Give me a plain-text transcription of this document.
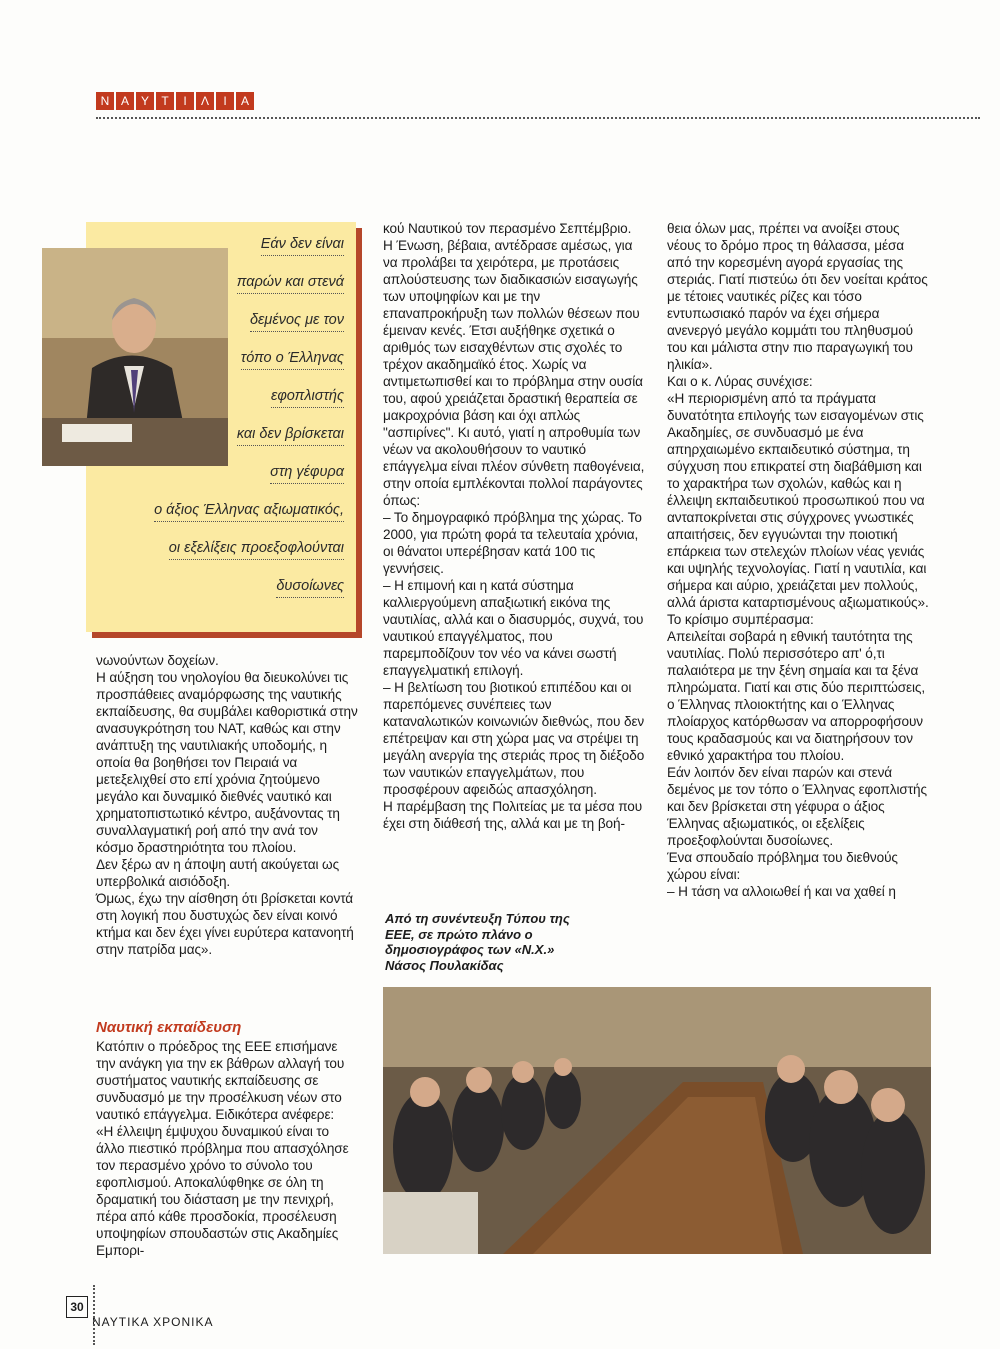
Ν Α Υ	Τ	Ι	Λ	Ι	Α
Εάν δεν είναι
παρών και στενά
δεμένος με τον
τόπο ο Έλληνας
εφοπλιστής
και δεν βρίσκεται
στη γέφυρα
ο άξιος Έλληνας αξιωματικός,
οι εξελίξεις προεξοφλούνται
δυσοίωνες
νωνούντων δοχείων.
Η αύξηση του νηολογίου θα διευκολύνει τις προσπάθειες αναμόρφωσης της ναυτικής εκπαίδευσης, θα συμβάλει καθοριστικά στην ανασυγκρότηση του ΝΑΤ, καθώς και στην ανάπτυξη της ναυτιλιακής υποδομής, η οποία θα βοηθήσει τον Πειραιά να μετεξελιχθεί στο επί χρόνια ζητούμενο μεγάλο και δυναμικό διεθνές ναυτικό και χρηματοπιστωτικό κέντρο, αυξάνοντας τη συναλλαγματική ροή από την ανά τον κόσμο δραστηριότητα του πλοίου.
Δεν ξέρω αν η άποψη αυτή ακούγεται ως υπερβολικά αισιόδοξη.
Όμως, έχω την αίσθηση ότι βρίσκεται κοντά στη λογική που δυστυχώς δεν είναι κοινό κτήμα και δεν έχει γίνει ευρύτερα κατανοητή στην πατρίδα μας».
Ναυτική εκπαίδευση
Κατόπιν ο πρόεδρος της ΕΕΕ επισήμανε την ανάγκη για την εκ βάθρων αλλαγή του συστήματος ναυτικής εκπαίδευσης σε συνδυασμό με την προσέλκυση νέων στο ναυτικό επάγγελμα. Ειδικότερα ανέφερε:
«Η έλλειψη έμψυχου δυναμικού είναι το άλλο πιεστικό πρόβλημα που απασχόλησε τον περασμένο χρόνο το σύνολο του εφοπλισμού. Αποκαλύφθηκε σε όλη τη δραματική του διάσταση με την πενιχρή, πέρα από κάθε προσδοκία, προσέλευση υποψηφίων σπουδαστών στις Ακαδημίες Εμπορι-
κού Ναυτικού τον περασμένο Σεπτέμβριο.
Η Ένωση, βέβαια, αντέδρασε αμέσως, για να προλάβει τα χειρότερα, με προτάσεις απλούστευσης των διαδικασιών εισαγωγής των υποψηφίων και με την επαναπροκήρυξη των πολλών θέσεων που έμειναν κενές. Έτσι αυξήθηκε σχετικά ο αριθμός των εισαχθέντων στις σχολές το τρέχον ακαδημαϊκό έτος. Χωρίς να αντιμετωπισθεί και το πρόβλημα στην ουσία του, αφού χρειάζεται δραστική θεραπεία σε μακροχρόνια βάση και όχι απλώς "ασπιρίνες". Κι αυτό, γιατί η απροθυμία των νέων να ακολουθήσουν το ναυτικό επάγγελμα είναι πλέον σύνθετη παθογένεια, στην οποία εμπλέκονται πολλοί παράγοντες όπως:
– Το δημογραφικό πρόβλημα της χώρας. Το 2000, για πρώτη φορά τα τελευταία χρόνια, οι θάνατοι υπερέβησαν κατά 100 τις γεννήσεις.
– Η επιμονή και η κατά σύστημα καλλιεργούμενη απαξιωτική εικόνα της ναυτιλίας, αλλά και ο διασυρμός, συχνά, του ναυτικού επαγγέλματος, που παρεμποδίζουν τον νέο να κάνει σωστή επαγγελματική επιλογή.
– Η βελτίωση του βιοτικού επιπέδου και οι παρεπόμενες συνέπειες των καταναλωτικών κοινωνιών διεθνώς, που δεν επέτρεψαν και στη χώρα μας να στρέψει τη μεγάλη ανεργία της στεριάς προς τη διέξοδο των ναυτικών επαγγελμάτων, που προσφέρουν αφειδώς απασχόληση.
Η παρέμβαση της Πολιτείας με τα μέσα που έχει στη διάθεσή της, αλλά και με τη βοή-
θεια όλων μας, πρέπει να ανοίξει στους νέους το δρόμο προς τη θάλασσα, μέσα από την κορεσμένη αγορά εργασίας της στεριάς. Γιατί πιστεύω ότι δεν νοείται κράτος με τέτοιες ναυτικές ρίζες και τόσο εντυπωσιακό παρόν να έχει σήμερα ανενεργό μεγάλο κομμάτι του πληθυσμού του και μάλιστα στην πιο παραγωγική του ηλικία».
Και ο κ. Λύρας συνέχισε:
«Η περιορισμένη από τα πράγματα δυνατότητα επιλογής των εισαγομένων στις Ακαδημίες, σε συνδυασμό με ένα απηρχαιωμένο εκπαιδευτικό σύστημα, τη σύγχυση που επικρατεί στη διαβάθμιση και το χαρακτήρα των σχολών, καθώς και η έλλειψη εκπαιδευτικού προσωπικού που να ανταποκρίνεται στις σύγχρονες γνωστικές απαιτήσεις, δεν εγγυώνται την ποιοτική επάρκεια των στελεχών πλοίων νέας γενιάς και υψηλής τεχνολογίας. Γιατί η ναυτιλία, και σήμερα και αύριο, χρειάζεται μεν πολλούς, αλλά άριστα καταρτισμένους αξιωματικούς».
Το κρίσιμο συμπέρασμα:
Απειλείται σοβαρά η εθνική ταυτότητα της ναυτιλίας. Πολύ περισσότερο απ' ό,τι παλαιότερα με την ξένη σημαία και τα ξένα πληρώματα. Γιατί και στις δύο περιπτώσεις, ο Έλληνας πλοιοκτήτης και ο Έλληνας πλοίαρχος κατόρθωσαν να απορροφήσουν τους κραδασμούς και να διατηρήσουν τον εθνικό χαρακτήρα του πλοίου.
Εάν λοιπόν δεν είναι παρών και στενά δεμένος με τον τόπο ο Έλληνας εφοπλιστής και δεν βρίσκεται στη γέφυρα ο άξιος Έλληνας αξιωματικός, οι εξελίξεις προεξοφλούνται δυσοίωνες.
Ένα σπουδαίο πρόβλημα του διεθνούς χώρου είναι:
– Η τάση να αλλοιωθεί ή και να χαθεί η
Από τη συνέντευξη Τύπου της ΕΕΕ, σε πρώτο πλάνο ο δημοσιογράφος των «Ν.Χ.» Νάσος Πουλακίδας
30
ΝΑΥΤΙΚΑ ΧΡΟΝΙΚΑ
